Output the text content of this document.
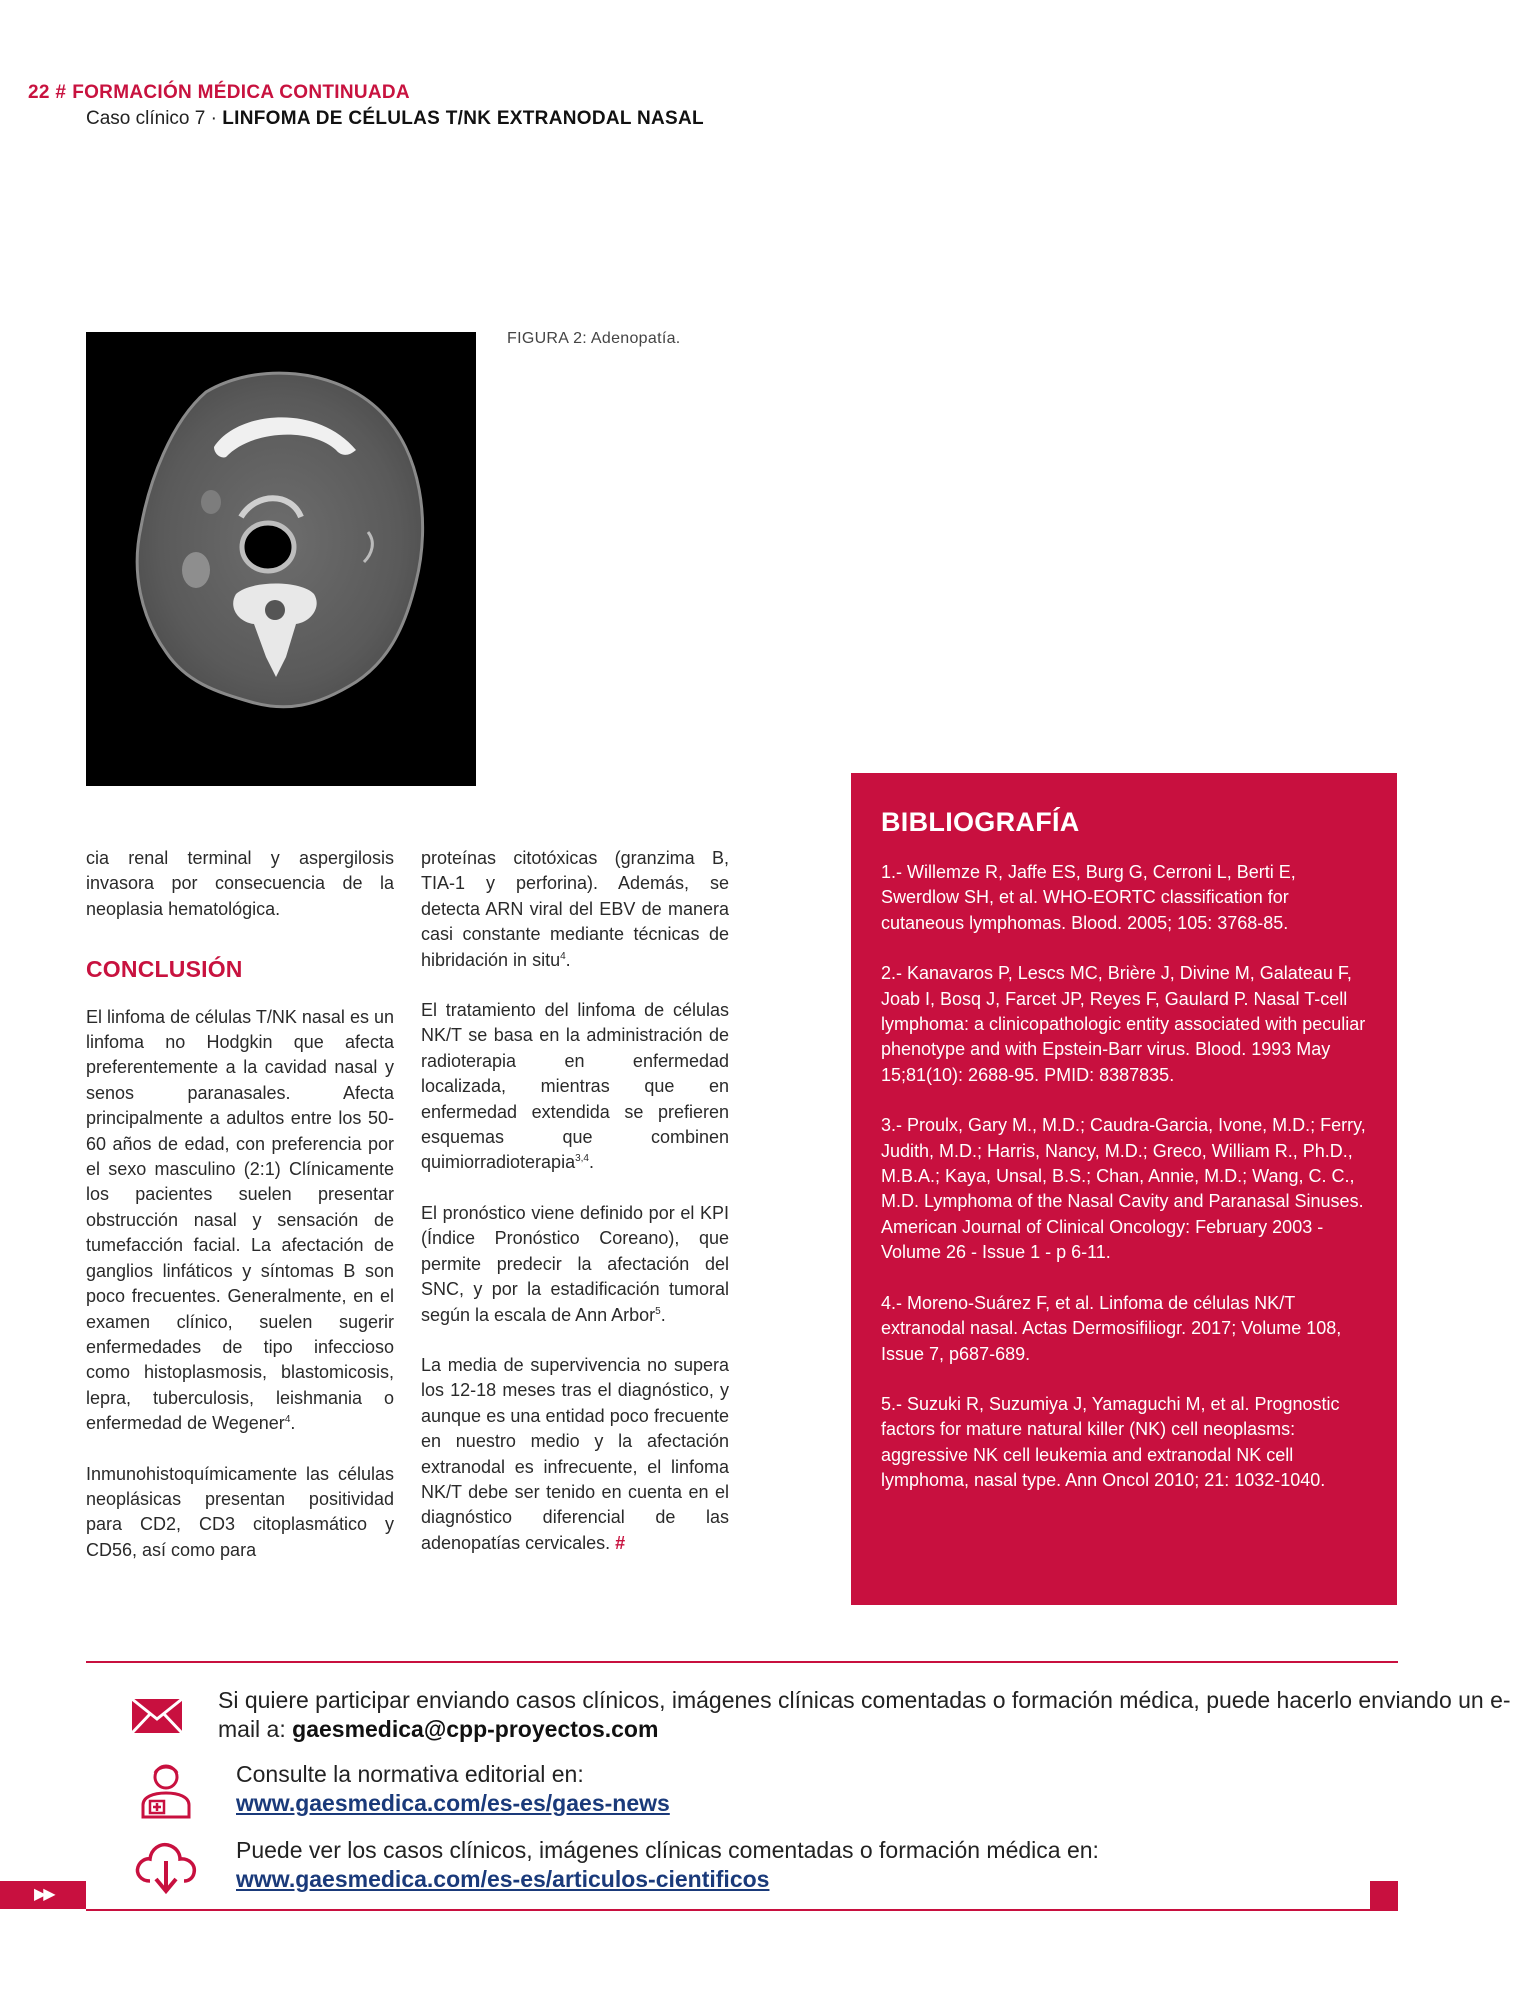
22 # FORMACIÓN MÉDICA CONTINUADA
Caso clínico 7 · LINFOMA DE CÉLULAS T/NK EXTRANODAL NASAL
FIGURA 2: Adenopatía.

cia renal terminal y aspergilosis invasora por consecuencia de la neoplasia hematológica.

CONCLUSIÓN

El linfoma de células T/NK nasal es un linfoma no Hodgkin que afecta preferentemente a la cavidad nasal y senos paranasales. Afecta principalmente a adultos entre los 50-60 años de edad, con preferencia por el sexo masculino (2:1) Clínicamente los pacientes suelen presentar obstrucción nasal y sensación de tumefacción facial. La afectación de ganglios linfáticos y síntomas B son poco frecuentes. Generalmente, en el examen clínico, suelen sugerir enfermedades de tipo infeccioso como histoplasmosis, blastomicosis, lepra, tuberculosis, leishmania o enfermedad de Wegener$^4$.

Inmunohistoquímicamente las células neoplásicas presentan positividad para CD2, CD3 citoplasmático y CD56, así como para

proteínas citotóxicas (granzima B, TIA-1 y perforina). Además, se detecta ARN viral del EBV de manera casi constante mediante técnicas de hibridación in situ$^4$.

El tratamiento del linfoma de células NK/T se basa en la administración de radioterapia en enfermedad localizada, mientras que en enfermedad extendida se prefieren esquemas que combinen quimiorradioterapia$^{3,4}$.

El pronóstico viene definido por el KPI (Índice Pronóstico Coreano), que permite predecir la afectación del SNC, y por la estadificación tumoral según la escala de Ann Arbor$^5$.

La media de supervivencia no supera los 12-18 meses tras el diagnóstico, y aunque es una entidad poco frecuente en nuestro medio y la afectación extranodal es infrecuente, el linfoma NK/T debe ser tenido en cuenta en el diagnóstico diferencial de las adenopatías cervicales. #

BIBLIOGRAFÍA
1.- Willemze R, Jaffe ES, Burg G, Cerroni L, Berti E, Swerdlow SH, et al. WHO-EORTC classification for cutaneous lymphomas. Blood. 2005; 105: 3768-85.
2.- Kanavaros P, Lescs MC, Brière J, Divine M, Galateau F, Joab I, Bosq J, Farcet JP, Reyes F, Gaulard P. Nasal T-cell lymphoma: a clinicopathologic entity associated with peculiar phenotype and with Epstein-Barr virus. Blood. 1993 May 15;81(10): 2688-95. PMID: 8387835.
3.- Proulx, Gary M., M.D.; Caudra-Garcia, Ivone, M.D.; Ferry, Judith, M.D.; Harris, Nancy, M.D.; Greco, William R., Ph.D., M.B.A.; Kaya, Unsal, B.S.; Chan, Annie, M.D.; Wang, C. C., M.D. Lymphoma of the Nasal Cavity and Paranasal Sinuses. American Journal of Clinical Oncology: February 2003 - Volume 26 - Issue 1 - p 6-11.
4.- Moreno-Suárez F, et al. Linfoma de células NK/T extranodal nasal. Actas Dermosifiliogr. 2017; Volume 108, Issue 7, p687-689.
5.- Suzuki R, Suzumiya J, Yamaguchi M, et al. Prognostic factors for mature natural killer (NK) cell neoplasms: aggressive NK cell leukemia and extranodal NK cell lymphoma, nasal type. Ann Oncol 2010; 21: 1032-1040.
Si quiere participar enviando casos clínicos, imágenes clínicas comentadas o formación médica, puede hacerlo enviando un e-mail a: gaesmedica@cpp-proyectos.com
Consulte la normativa editorial en:
www.gaesmedica.com/es-es/gaes-news
Puede ver los casos clínicos, imágenes clínicas comentadas o formación médica en:
www.gaesmedica.com/es-es/articulos-cientificos
▶▶
